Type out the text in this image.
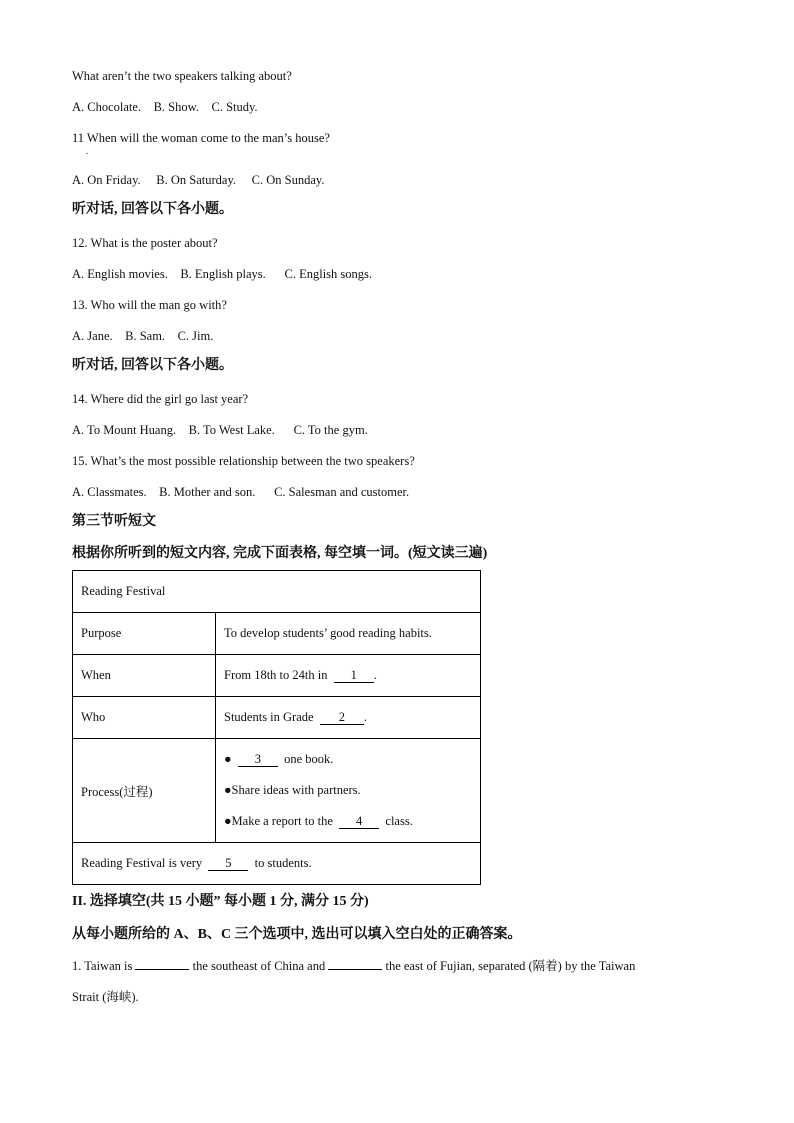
What aren’t the two speakers talking about?
A. Chocolate. B. Show. C. Study.
11 When will the woman come to the man’s house?
.
A. On Friday. B. On Saturday. C. On Sunday.
听对话, 回答以下各小题。
12. What is the poster about?
A. English movies. B. English plays. C. English songs.
13. Who will the man go with?
A. Jane. B. Sam. C. Jim.
听对话, 回答以下各小题。
14. Where did the girl go last year?
A. To Mount Huang. B. To West Lake. C. To the gym.
15. What’s the most possible relationship between the two speakers?
A. Classmates. B. Mother and son. C. Salesman and customer.
第三节听短文
根据你所听到的短文内容, 完成下面表格, 每空填一词。(短文读三遍)
Reading Festival	
Purpose	To develop students’ good reading habits.
When	From 18th to 24th in 1 .
Who	Students in Grade 2 .
Process(过程)	● 3 one book.
●Share ideas with partners.
●Make a report to the 4 class.

Reading Festival is very 5 to students.	
II. 选择填空(共 15 小题” 每小题 1 分, 满分 15 分)
从每小题所给的 A、B、C 三个选项中, 选出可以填入空白处的正确答案。
1. Taiwan is	the southeast of China and	the east of Fujian, separated (隔着) by the Taiwan
Strait (海峡).
